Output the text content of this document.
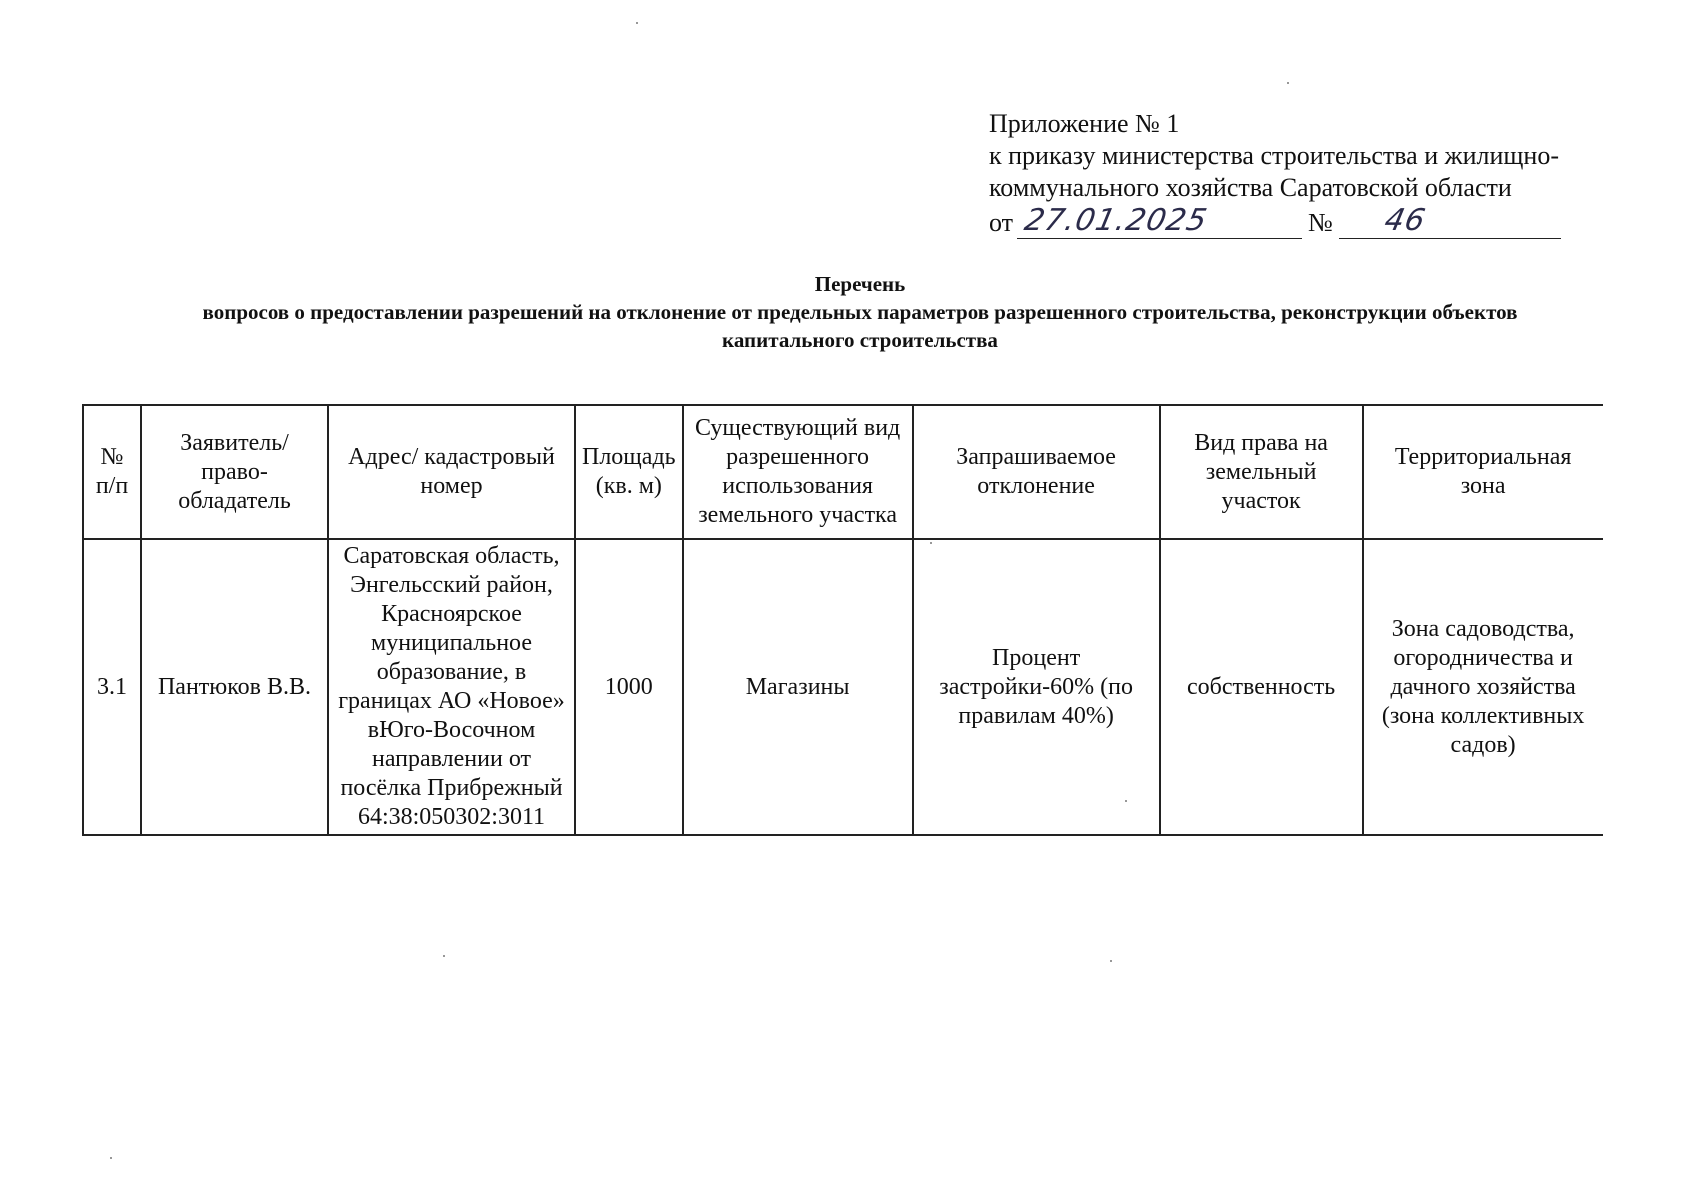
Приложение № 1
к приказу министерства строительства и жилищно-
коммунального хозяйства Саратовской области
от 27.01.2025	№ 46
Перечень
вопросов о предоставлении разрешений на отклонение от предельных параметров разрешенного строительства, реконструкции объектов
капитального строительства
№ п/п	Заявитель/ право-обладатель	Адрес/ кадастровый номер	Площадь (кв. м)	Существующий вид разрешенного использования земельного участка	Запрашиваемое отклонение	Вид права на земельный участок	Территориальная зона
3.1	Пантюков В.В.	Саратовская область, Энгельсский район, Красноярское муниципальное образование, в границах АО «Новое» вЮго-Восочном направлении от посёлка Прибрежный 64:38:050302:3011	1000	Магазины	Процент застройки-60% (по правилам 40%)	собственность	Зона садоводства, огородничества и дачного хозяйства (зона коллективных садов)
